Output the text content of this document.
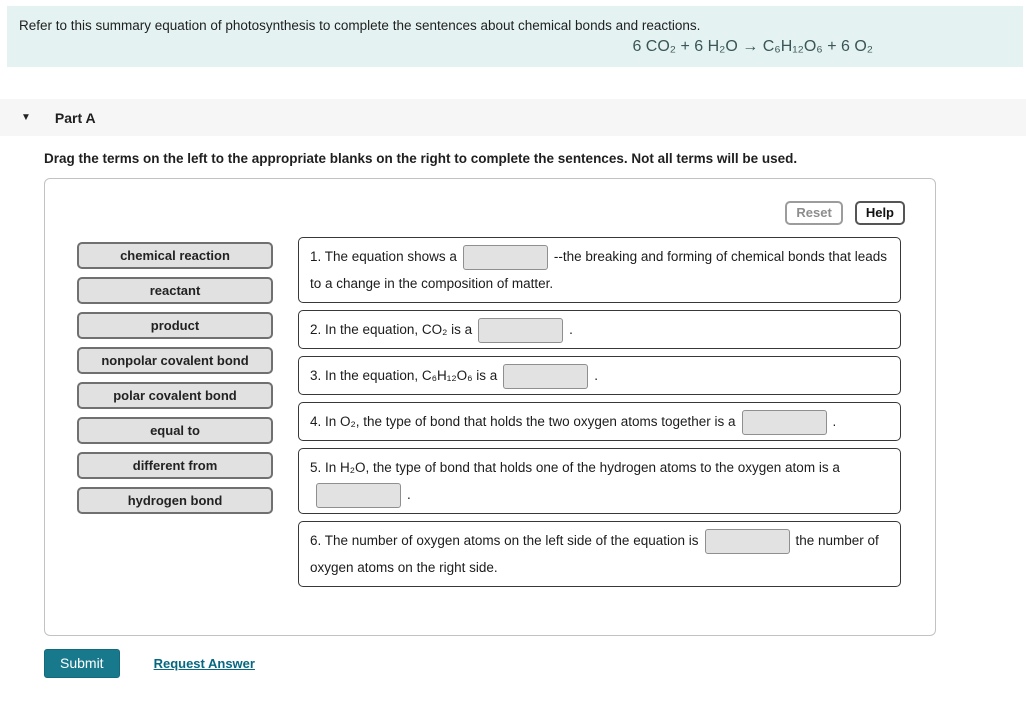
Refer to this summary equation of photosynthesis to complete the sentences about chemical bonds and reactions.
6 CO₂ + 6 H₂O → C₆H₁₂O₆ + 6 O₂
▼ Part A
Drag the terms on the left to the appropriate blanks on the right to complete the sentences. Not all terms will be used.
Reset	Help
chemical reaction
reactant
product
nonpolar covalent bond
polar covalent bond
equal to
different from
hydrogen bond
1. The equation shows a	--the breaking and forming of chemical bonds that leads to a change in the composition of matter.
2. In the equation, CO₂ is a	.
3. In the equation, C₆H₁₂O₆ is a	.
4. In O₂, the type of bond that holds the two oxygen atoms together is a	.
5. In H₂O, the type of bond that holds one of the hydrogen atoms to the oxygen atom is a.
6. The number of oxygen atoms on the left side of the equation is	the number of oxygen atoms on the right side.
Submit	Request Answer
